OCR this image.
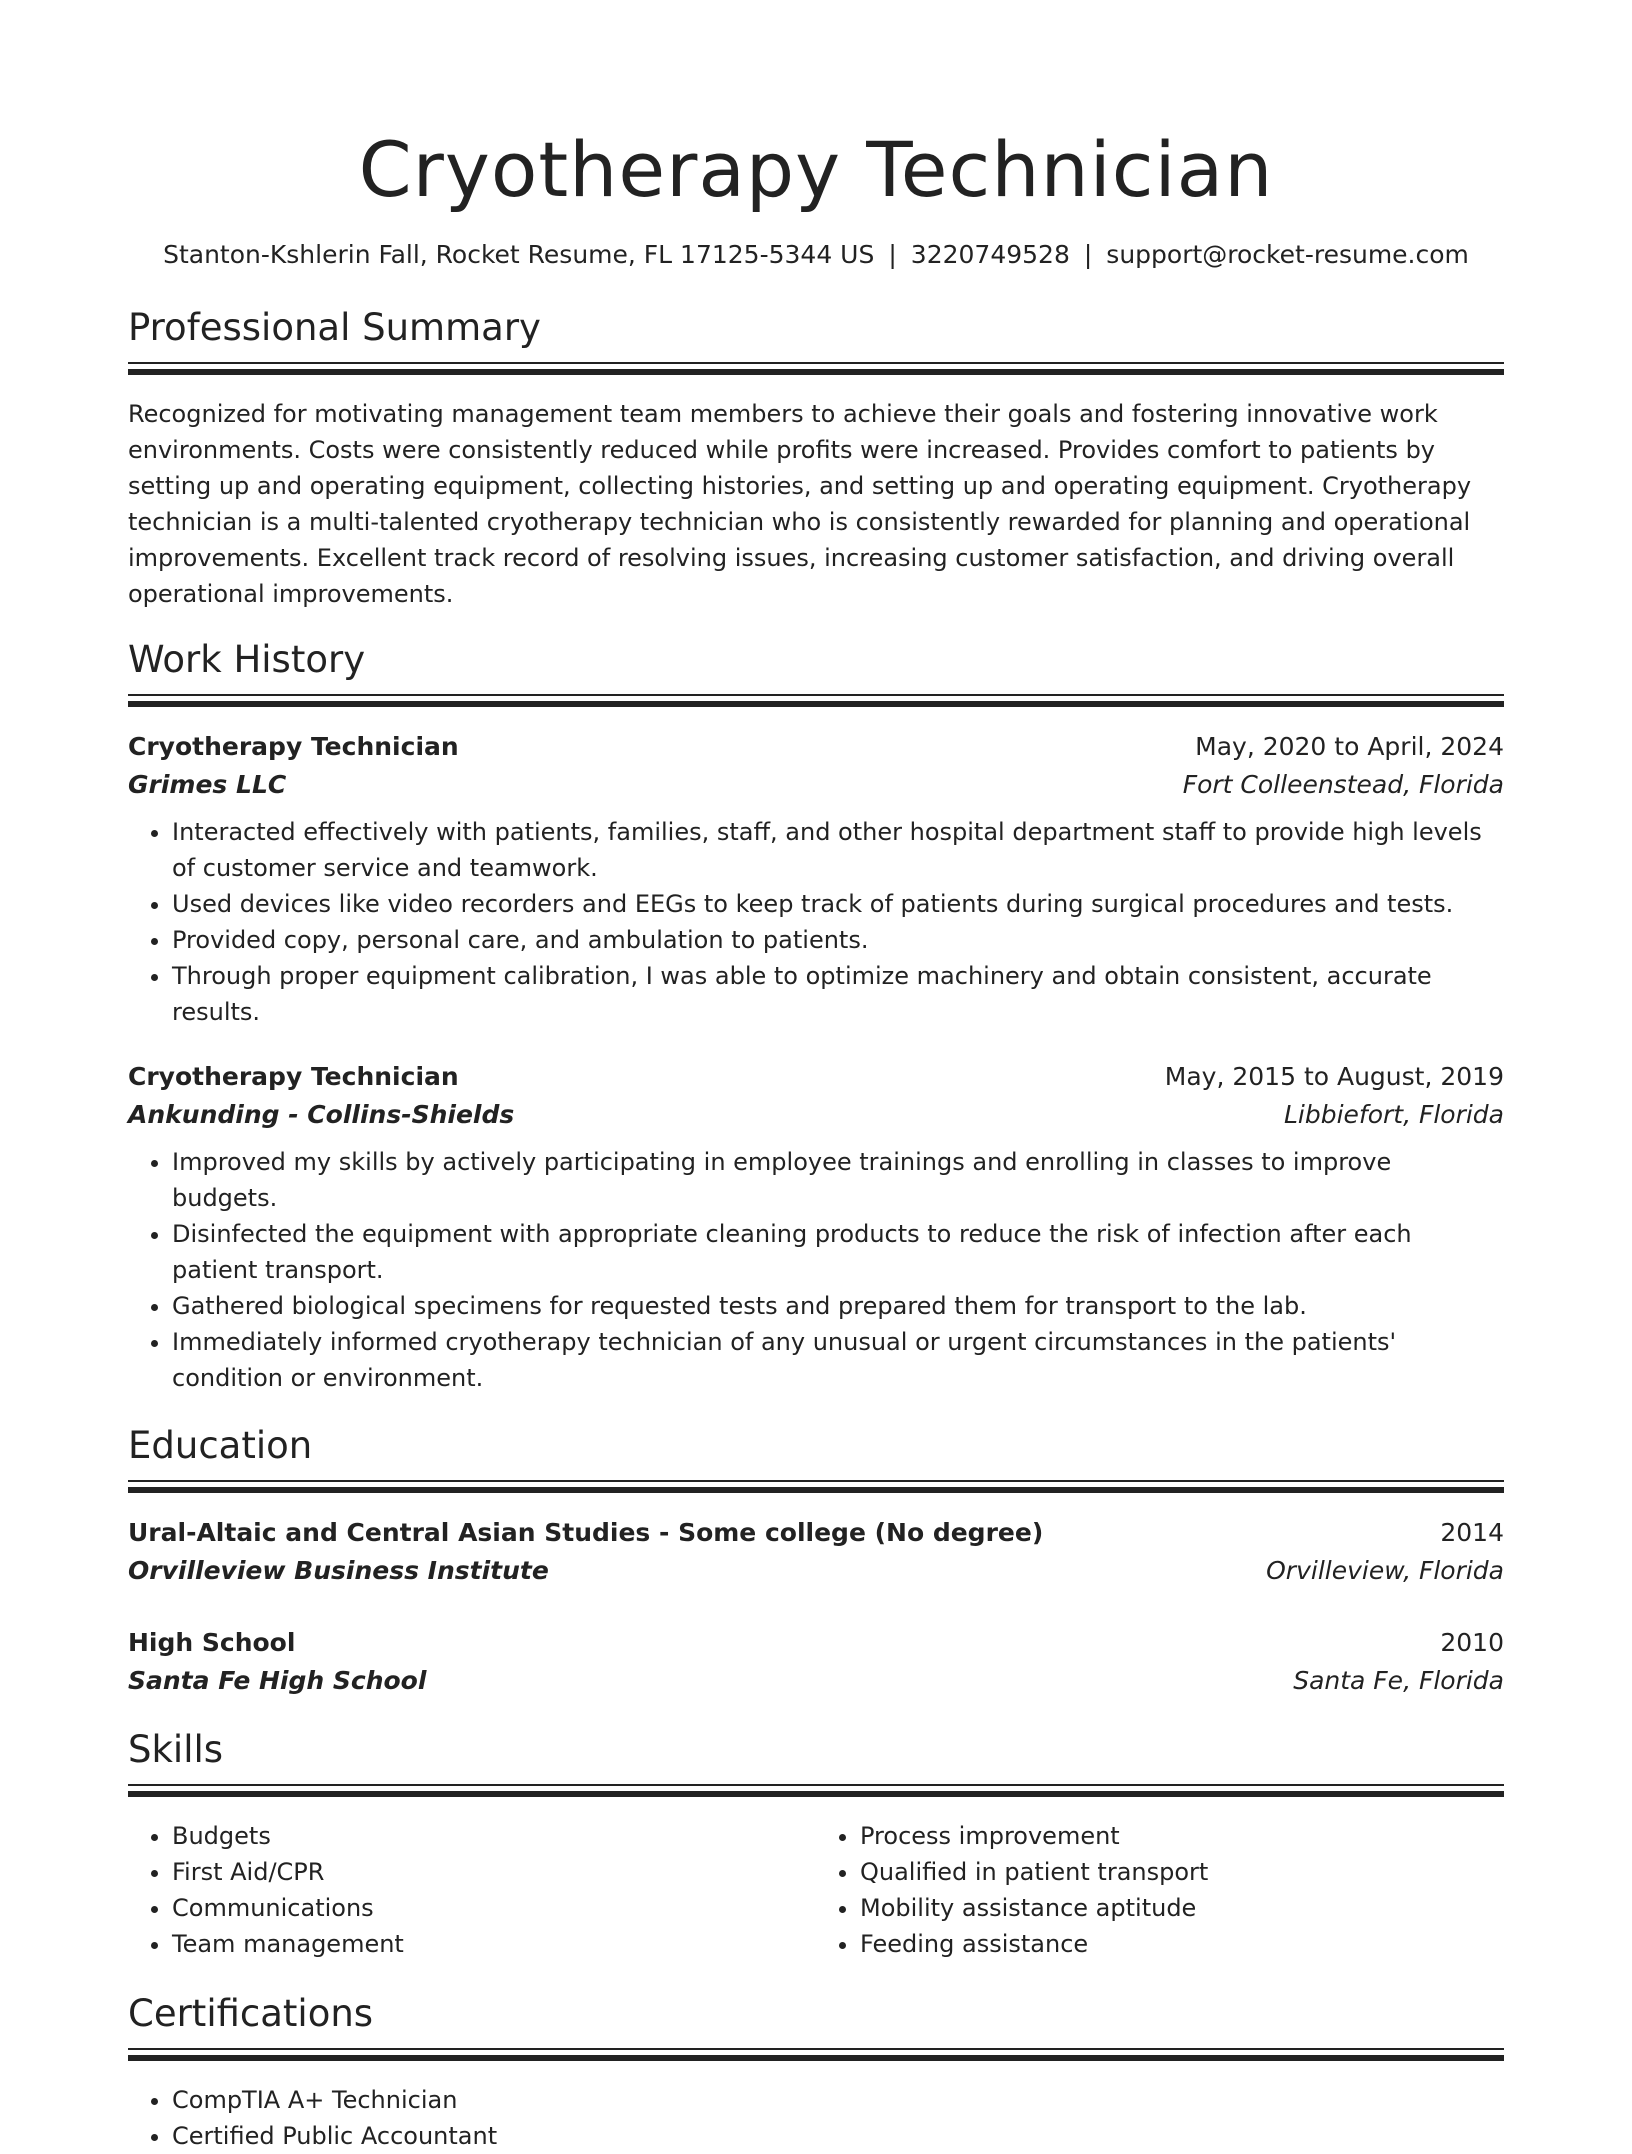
Cryotherapy Technician
Stanton-Kshlerin Fall, Rocket Resume, FL 17125-5344 US | 3220749528 | support@rocket-resume.com
Professional Summary

Recognized for motivating management team members to achieve their goals and fostering innovative work environments. Costs were consistently reduced while profits were increased. Provides comfort to patients by setting up and operating equipment, collecting histories, and setting up and operating equipment. Cryotherapy technician is a multi-talented cryotherapy technician who is consistently rewarded for planning and operational improvements. Excellent track record of resolving issues, increasing customer satisfaction, and driving overall operational improvements.

Work History
Cryotherapy Technician	May, 2020 to April, 2024
Grimes LLC	Fort Colleenstead, Florida
• Interacted effectively with patients, families, staff, and other hospital department staff to provide high levels of customer service and teamwork.
• Used devices like video recorders and EEGs to keep track of patients during surgical procedures and tests.
• Provided copy, personal care, and ambulation to patients.
• Through proper equipment calibration, I was able to optimize machinery and obtain consistent, accurate results.
Cryotherapy Technician	May, 2015 to August, 2019
Ankunding - Collins-Shields	Libbiefort, Florida
• Improved my skills by actively participating in employee trainings and enrolling in classes to improve budgets.
• Disinfected the equipment with appropriate cleaning products to reduce the risk of infection after each patient transport.
• Gathered biological specimens for requested tests and prepared them for transport to the lab.
• Immediately informed cryotherapy technician of any unusual or urgent circumstances in the patients' condition or environment.
Education
Ural-Altaic and Central Asian Studies - Some college (No degree)	2014
Orvilleview Business Institute	Orvilleview, Florida
High School	2010
Santa Fe High School	Santa Fe, Florida
Skills
• Budgets
• First Aid/CPR
• Communications
• Team management
• Process improvement
• Qualified in patient transport
• Mobility assistance aptitude
• Feeding assistance
Certifications
• CompTIA A+ Technician
• Certified Public Accountant
